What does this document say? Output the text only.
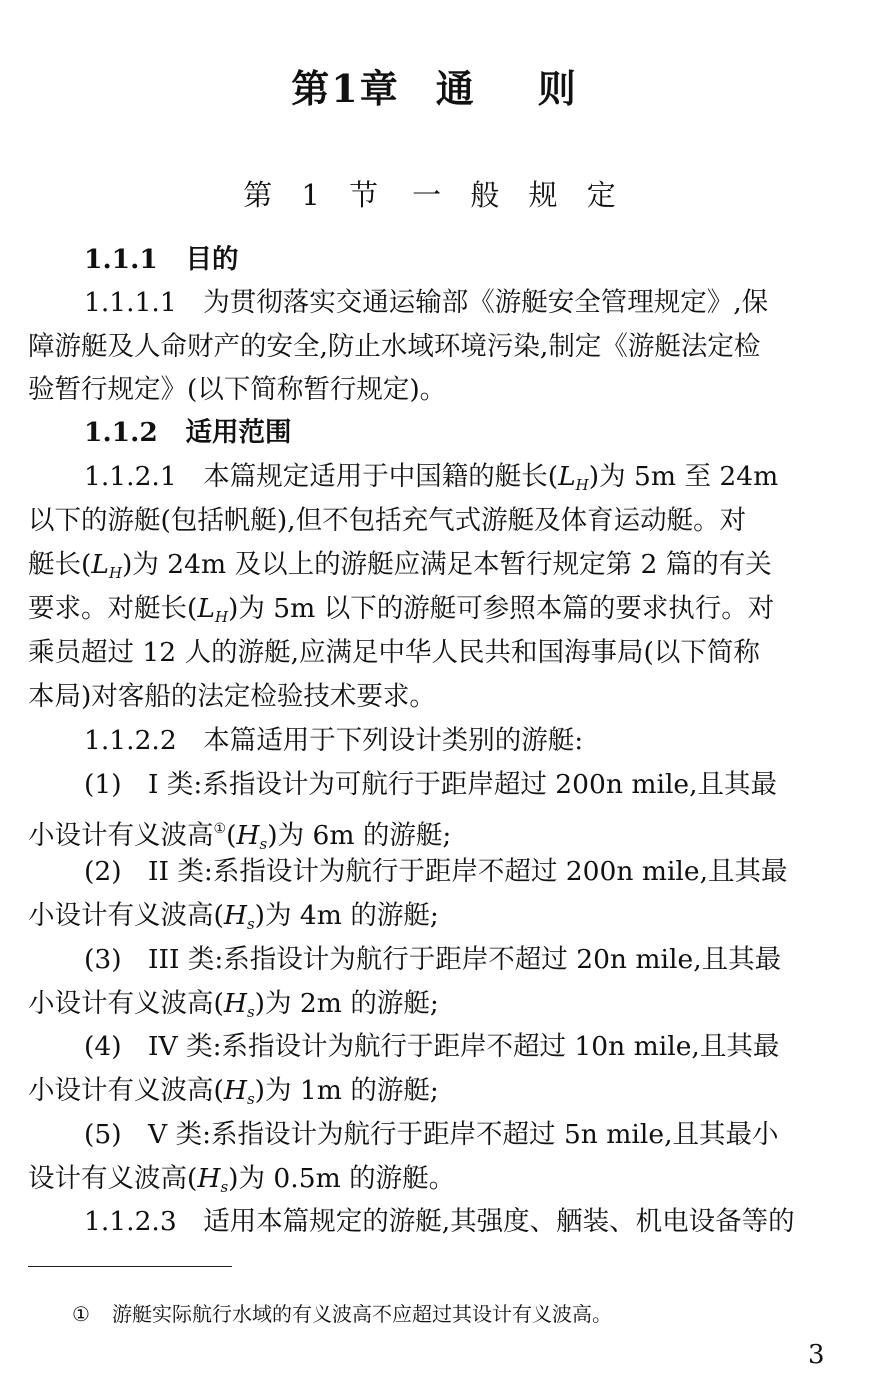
第1章 通 则
第 1 节 一 般 规 定
1.1.1 目的
1.1.1.1　为贯彻落实交通运输部《游艇安全管理规定》,保
障游艇及人命财产的安全,防止水域环境污染,制定《游艇法定检
验暂行规定》(以下简称暂行规定)。
1.1.2 适用范围
1.1.2.1　本篇规定适用于中国籍的艇长$(L_H)$为 5m 至 24m
以下的游艇(包括帆艇),但不包括充气式游艇及体育运动艇。对
艇长$(L_H)$为 24m 及以上的游艇应满足本暂行规定第 2 篇的有关
要求。对艇长$(L_H)$为 5m 以下的游艇可参照本篇的要求执行。对
乘员超过 12 人的游艇,应满足中华人民共和国海事局(以下简称
本局)对客船的法定检验技术要求。
1.1.2.2　本篇适用于下列设计类别的游艇:
(1)　I 类:系指设计为可航行于距岸超过 200n mile,且其最
小设计有义波高$^①(H_s)$为 6m 的游艇;
(2)　II 类:系指设计为航行于距岸不超过 200n mile,且其最
小设计有义波高$(H_s)$为 4m 的游艇;
(3)　III 类:系指设计为航行于距岸不超过 20n mile,且其最
小设计有义波高$(H_s)$为 2m 的游艇;
(4)　IV 类:系指设计为航行于距岸不超过 10n mile,且其最
小设计有义波高$(H_s)$为 1m 的游艇;
(5)　V 类:系指设计为航行于距岸不超过 5n mile,且其最小
设计有义波高$(H_s)$为 0.5m 的游艇。
1.1.2.3　适用本篇规定的游艇,其强度、舾装、机电设备等的
① 游艇实际航行水域的有义波高不应超过其设计有义波高。
3
